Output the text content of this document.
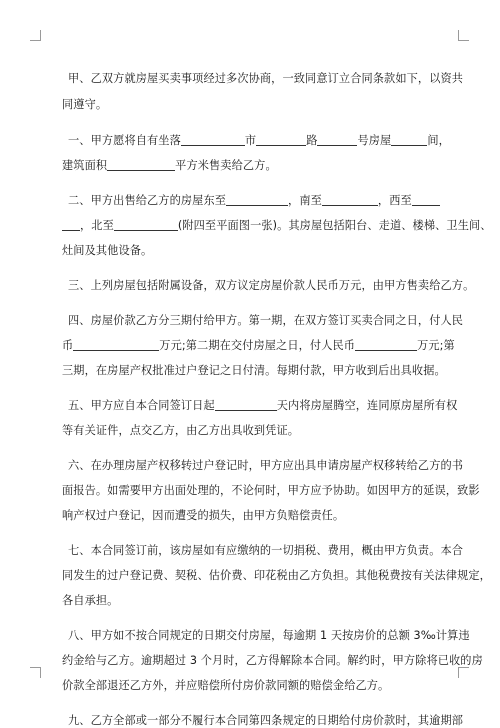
甲、乙双方就房屋买卖事项经过多次协商，一致同意订立合同条款如下，以资共
同遵守。
一、甲方愿将自有坐落	市	路	号房屋	间，
建筑面积	平方米售卖给乙方。
二、甲方出售给乙方的房屋东至	，南至	，西至
，北至	(附四至平面图一张)。其房屋包括阳台、走道、楼梯、卫生间、
灶间及其他设备。
三、上列房屋包括附属设备，双方议定房屋价款人民币万元，由甲方售卖给乙方。
四、房屋价款乙方分三期付给甲方。第一期，在双方签订买卖合同之日，付人民
币	万元;第二期在交付房屋之日，付人民币	万元;第
三期，在房屋产权批准过户登记之日付清。每期付款，甲方收到后出具收据。
五、甲方应自本合同签订日起	天内将房屋腾空，连同原房屋所有权
等有关证件，点交乙方，由乙方出具收到凭证。
六、在办理房屋产权移转过户登记时，甲方应出具申请房屋产权移转给乙方的书
面报告。如需要甲方出面处理的，不论何时，甲方应予协助。如因甲方的延误，致影
响产权过户登记，因而遭受的损失，由甲方负赔偿责任。
七、本合同签订前，该房屋如有应缴纳的一切捐税、费用，概由甲方负责。本合
同发生的过户登记费、契税、估价费、印花税由乙方负担。其他税费按有关法律规定，
各自承担。
八、甲方如不按合同规定的日期交付房屋，每逾期 1 天按房价的总额 3‰计算违
约金给与乙方。逾期超过 3 个月时，乙方得解除本合同。解约时，甲方除将已收的房
价款全部退还乙方外，并应赔偿所付房价款同额的赔偿金给乙方。
九、乙方全部或一部分不履行本合同第四条规定的日期给付房价款时，其逾期部
